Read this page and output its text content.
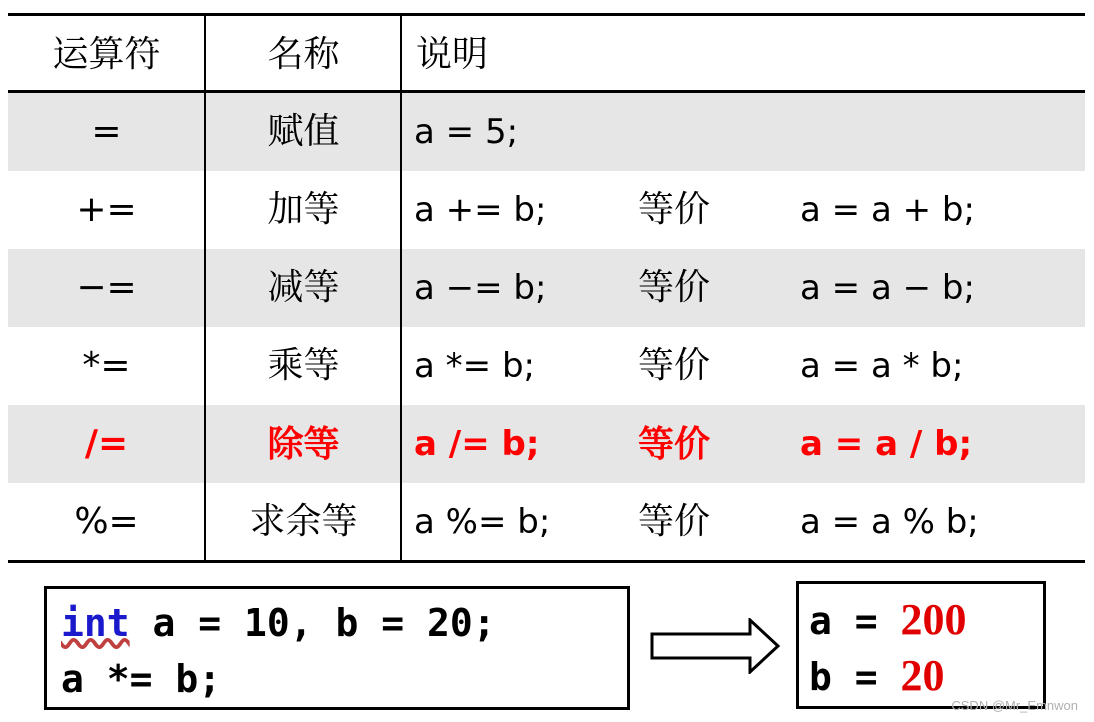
运算符	名称	说明
=	赋值	a = 5;
+=	加等	a += b;	等价	a = a + b;
−=	减等	a −= b;	等价	a = a − b;
*=	乘等	a *= b;	等价	a = a * b;
/=	除等	a /= b;	等价	a = a / b;
%=	求余等	a %= b; 等价	a = a % b;
int a = 10, b = 20;
a *= b;
a = 200
b = 20
CSDN @Mr_Emnwon
